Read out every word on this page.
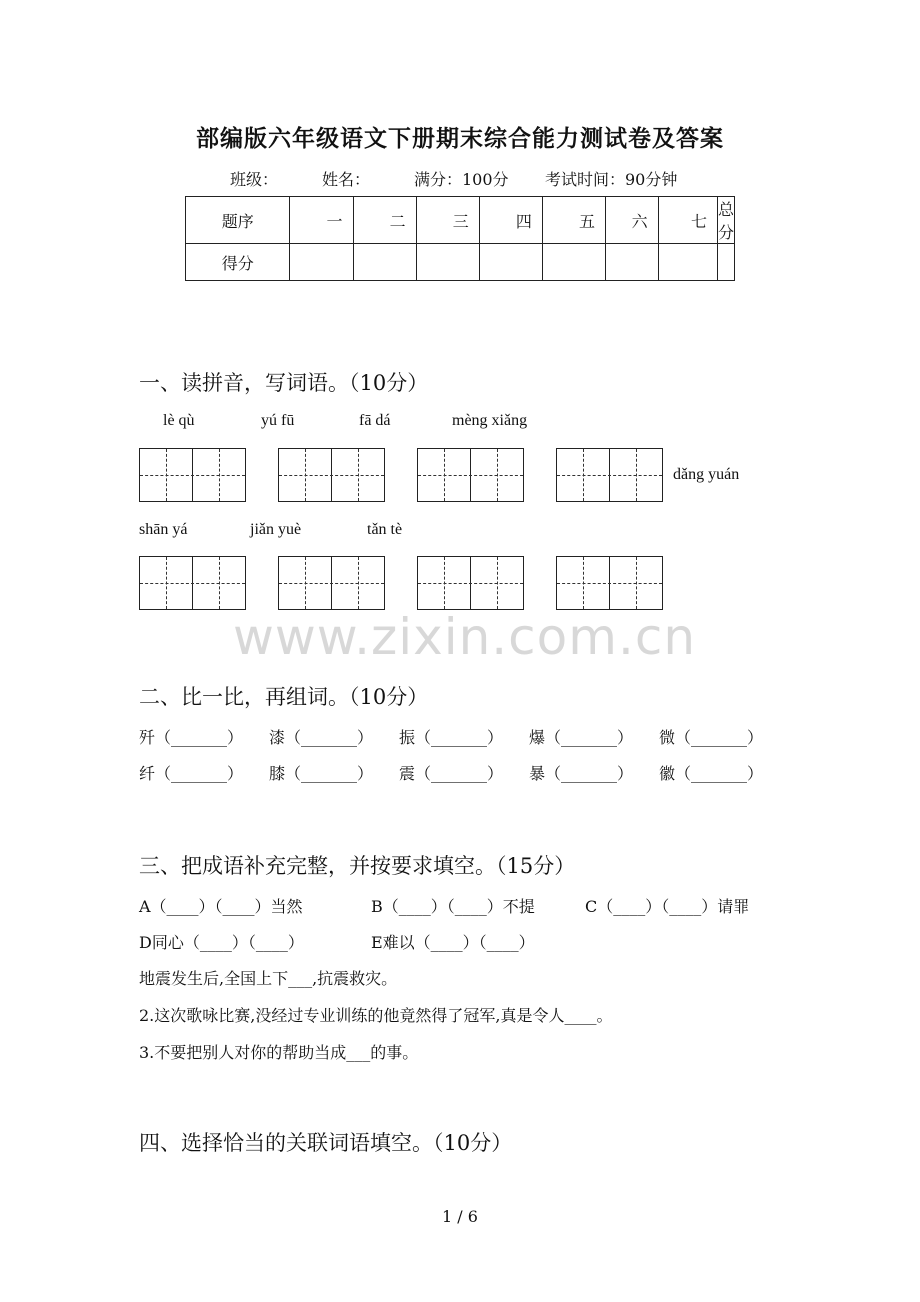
部编版六年级语文下册期末综合能力测试卷及答案
班级：	姓名：	满分：100分 考试时间：90分钟
题序	一	二	三	四	五	六	七	总分
得分								
一、读拼音，写词语。（10分）
lè qù	yú fū	fā dá	mèng xiǎng
dǎng yuán
shān yá	jiǎn yuè	tǎn tè
www.zixin.com.cn
二、比一比，再组词。（10分）
歼（_______） 漆（_______） 振（_______） 爆（_______） 微（_______）
纤（_______） 膝（_______） 震（_______） 暴（_______） 徽（_______）
三、把成语补充完整，并按要求填空。（15分）
A（____）（____）当然	B（____）（____）不提	C（____）（____）请罪
D同心（____）（____）	E难以（____）（____）
地震发生后,全国上下___,抗震救灾。
2.这次歌咏比赛,没经过专业训练的他竟然得了冠军,真是令人____。
3.不要把别人对你的帮助当成___的事。
四、选择恰当的关联词语填空。（10分）
1 / 6
